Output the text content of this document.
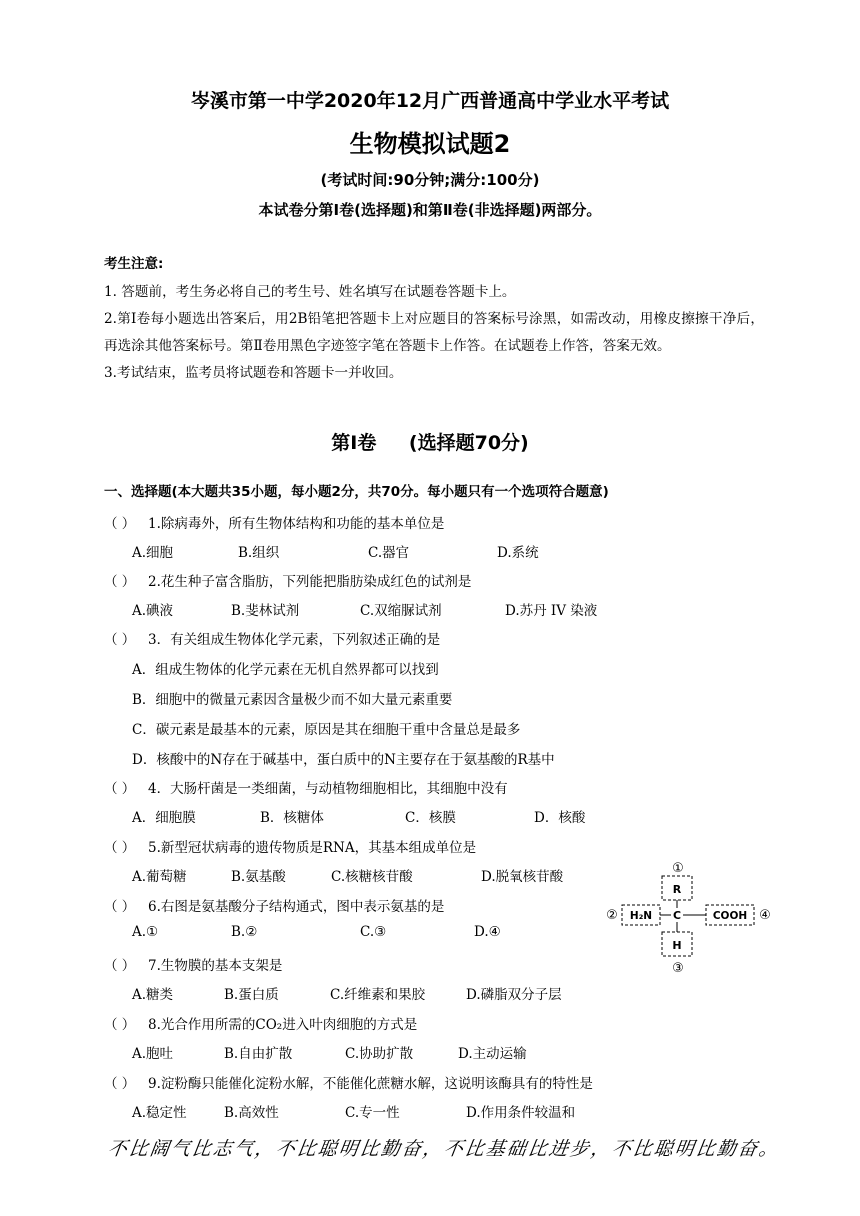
岑溪市第一中学2020年12月广西普通高中学业水平考试
生物模拟试题2
(考试时间:90分钟;满分:100分)
本试卷分第Ⅰ卷(选择题)和第Ⅱ卷(非选择题)两部分。
考生注意:

1. 答题前，考生务必将自己的考生号、姓名填写在试题卷答题卡上。

2.第Ⅰ卷每小题选出答案后，用2B铅笔把答题卡上对应题目的答案标号涂黑，如需改动，用橡皮擦擦干净后，再选涂其他答案标号。第Ⅱ卷用黑色字迹签字笔在答题卡上作答。在试题卷上作答，答案无效。

3.考试结束，监考员将试题卷和答题卡一并收回。

第Ⅰ卷 (选择题70分)
一、选择题(本大题共35小题，每小题2分，共70分。每小题只有一个选项符合题意)
（ ） 1.除病毒外，所有生物体结构和功能的基本单位是
A.细胞	B.组织	C.器官	D.系统
（ ） 2.花生种子富含脂肪，下列能把脂肪染成红色的试剂是
A.碘液	B.斐林试剂	C.双缩脲试剂	D.苏丹 IV 染液
（ ） 3．有关组成生物体化学元素，下列叙述正确的是
A．组成生物体的化学元素在无机自然界都可以找到
B．细胞中的微量元素因含量极少而不如大量元素重要
C．碳元素是最基本的元素，原因是其在细胞干重中含量总是最多
D．核酸中的N存在于碱基中，蛋白质中的N主要存在于氨基酸的R基中
（ ） 4．大肠杆菌是一类细菌，与动植物细胞相比，其细胞中没有
A．细胞膜	B．核糖体	C．核膜	D．核酸
（ ） 5.新型冠状病毒的遗传物质是RNA，其基本组成单位是
A.葡萄糖	B.氨基酸	C.核糖核苷酸	D.脱氧核苷酸
（ ） 6.右图是氨基酸分子结构通式，图中表示氨基的是
A.①	B.②	C.③	D.④
（ ） 7.生物膜的基本支架是
A.糖类	B.蛋白质	C.纤维素和果胶	D.磷脂双分子层
（ ） 8.光合作用所需的CO₂进入叶肉细胞的方式是
A.胞吐	B.自由扩散	C.协助扩散	D.主动运输
（ ） 9.淀粉酶只能催化淀粉水解，不能催化蔗糖水解，这说明该酶具有的特性是
A.稳定性	B.高效性	C.专一性	D.作用条件较温和
①
R
② H₂N C	COOH ④
H
③
不比阔气比志气，不比聪明比勤奋，不比基础比进步，不比聪明比勤奋。
